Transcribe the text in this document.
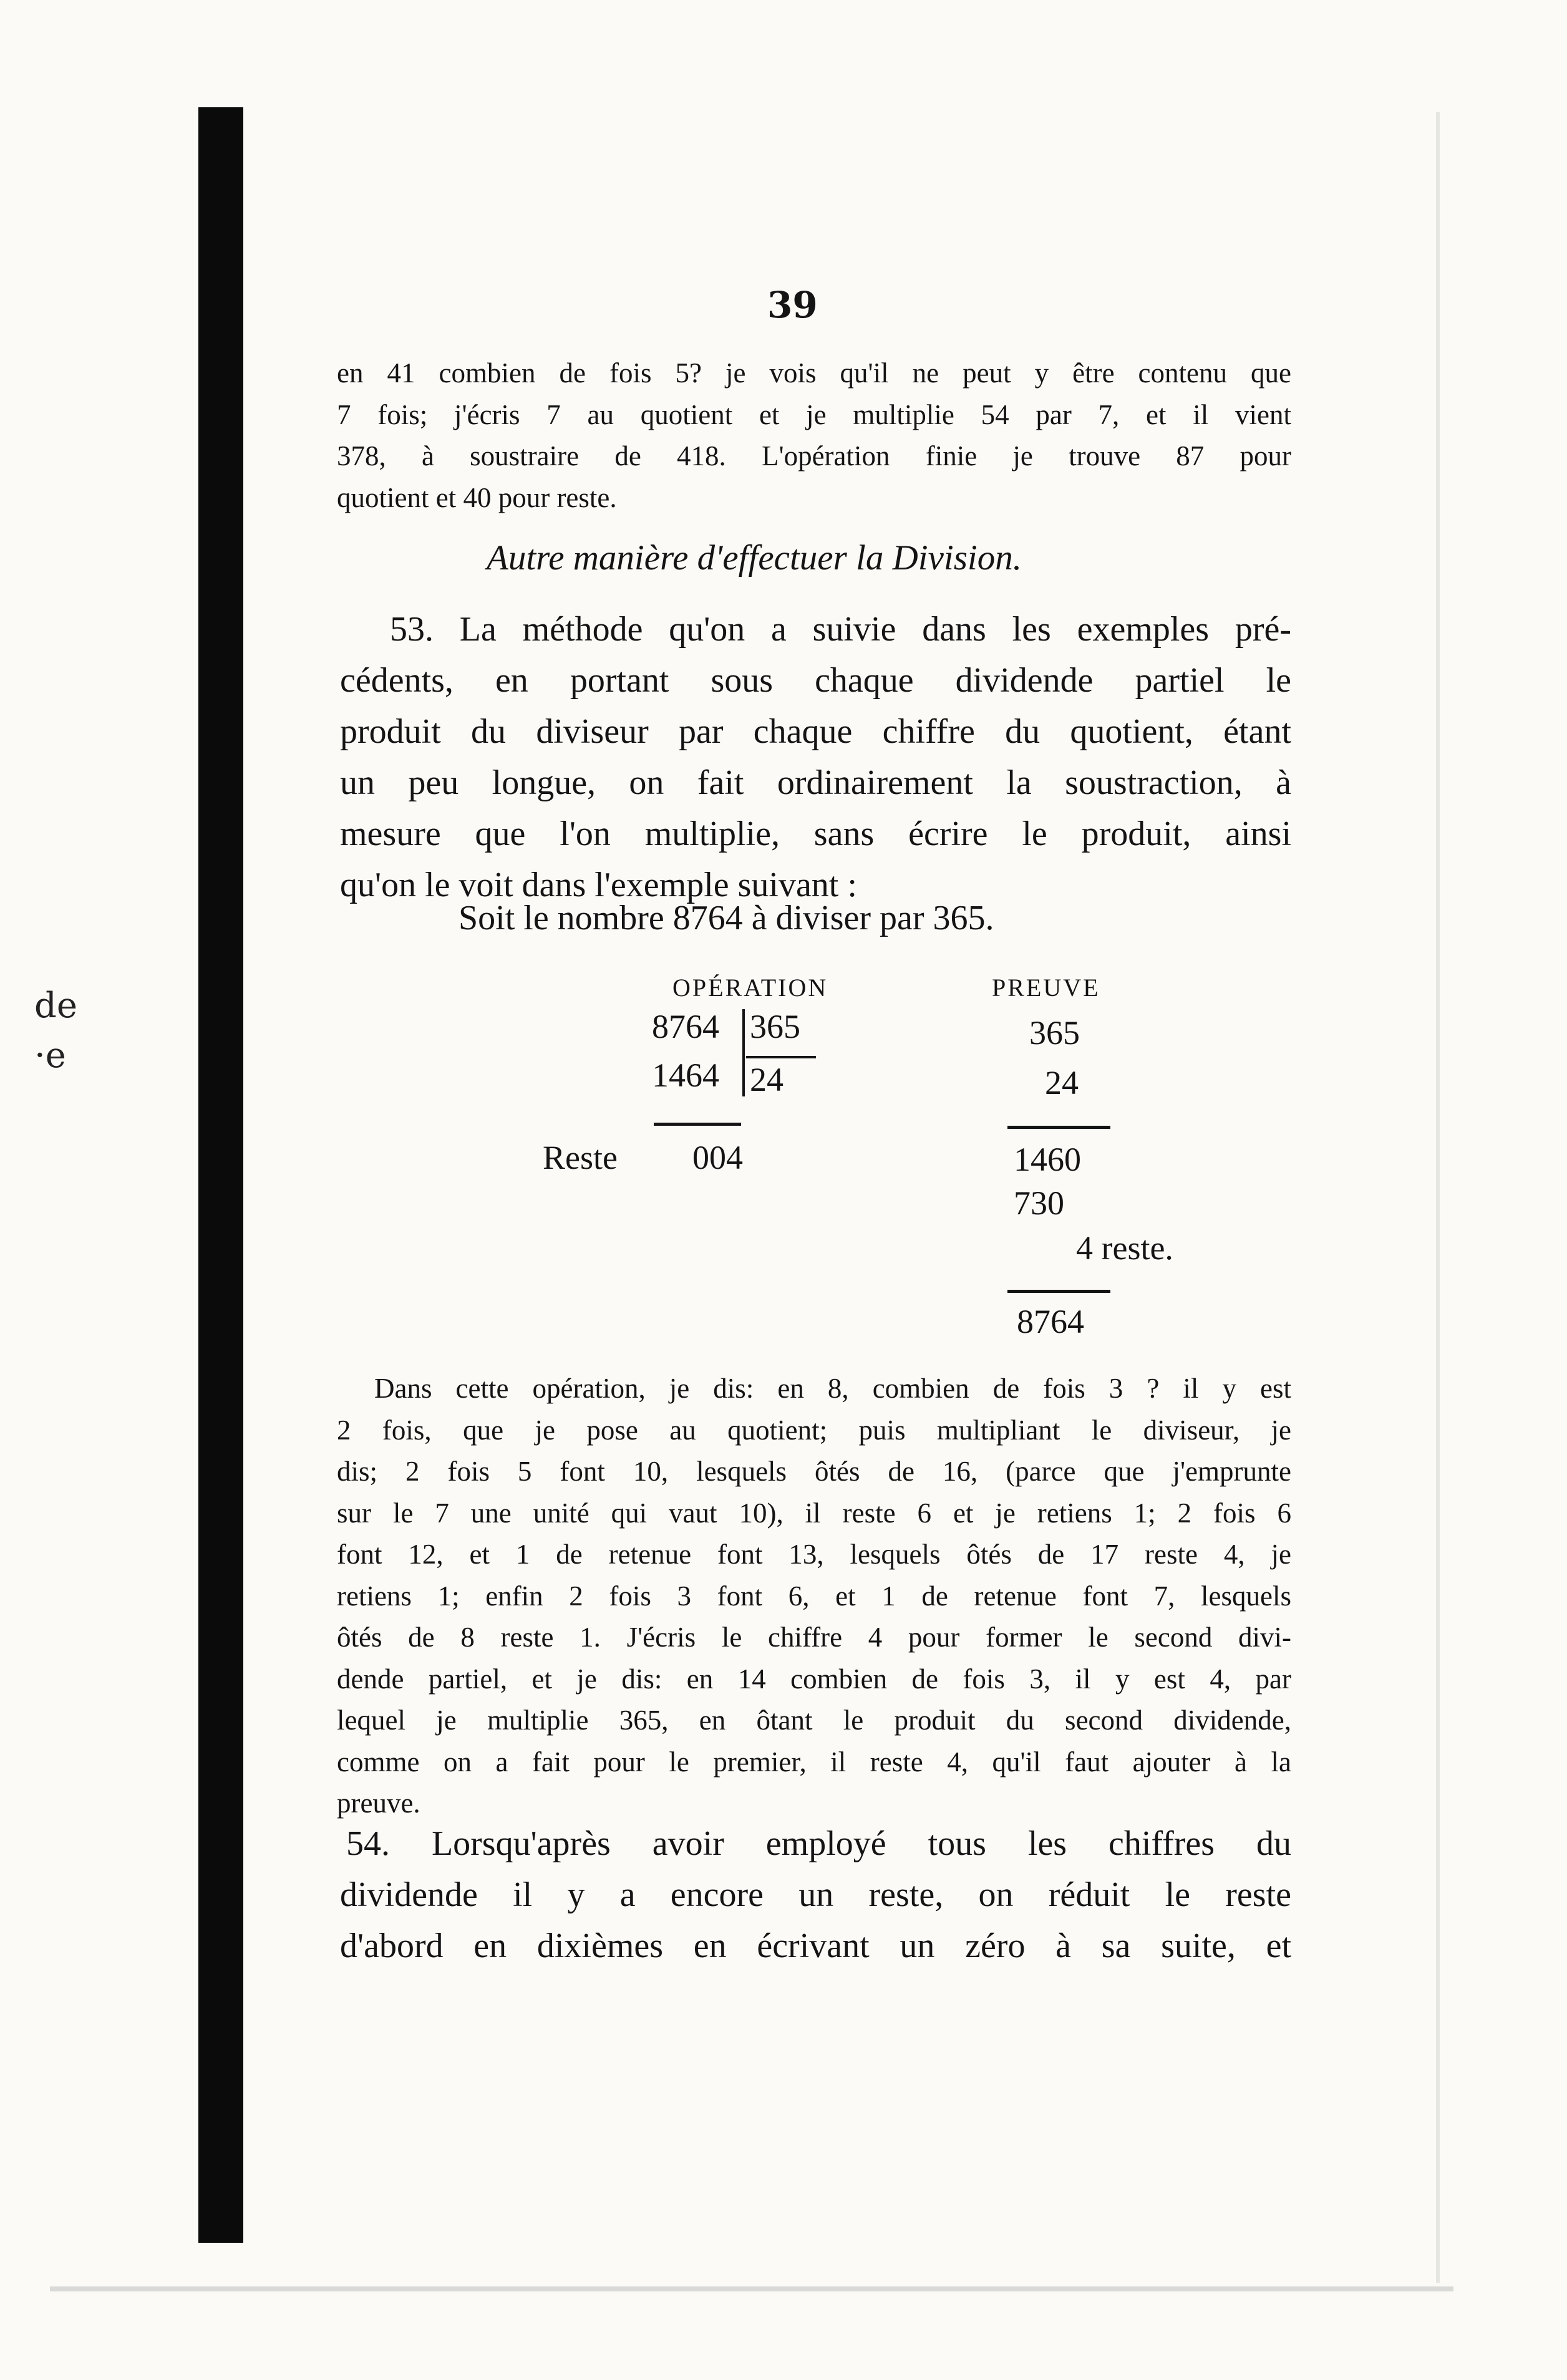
de
·e
39
en 41 combien de fois 5? je vois qu'il ne peut y être contenu que
7 fois; j'écris 7 au quotient et je multiplie 54 par 7, et il vient
378, à soustraire de 418. L'opération finie je trouve 87 pour
quotient et 40 pour reste.
Autre manière d'effectuer la Division.
53. La méthode qu'on a suivie dans les exemples pré-
cédents, en portant sous chaque dividende partiel le
produit du diviseur par chaque chiffre du quotient, étant
un peu longue, on fait ordinairement la soustraction, à
mesure que l'on multiplie, sans écrire le produit, ainsi
qu'on le voit dans l'exemple suivant :
Soit le nombre 8764 à diviser par 365.
OPÉRATION
8764 365
1464 24
Reste 004
PREUVE
365
24
1460
730
4 reste.
8764
Dans cette opération, je dis: en 8, combien de fois 3 ? il y est
2 fois, que je pose au quotient; puis multipliant le diviseur, je
dis; 2 fois 5 font 10, lesquels ôtés de 16, (parce que j'emprunte
sur le 7 une unité qui vaut 10), il reste 6 et je retiens 1; 2 fois 6
font 12, et 1 de retenue font 13, lesquels ôtés de 17 reste 4, je
retiens 1; enfin 2 fois 3 font 6, et 1 de retenue font 7, lesquels
ôtés de 8 reste 1. J'écris le chiffre 4 pour former le second divi-
dende partiel, et je dis: en 14 combien de fois 3, il y est 4, par
lequel je multiplie 365, en ôtant le produit du second dividende,
comme on a fait pour le premier, il reste 4, qu'il faut ajouter à la
preuve.
54. Lorsqu'après avoir employé tous les chiffres du
dividende il y a encore un reste, on réduit le reste
d'abord en dixièmes en écrivant un zéro à sa suite, et
